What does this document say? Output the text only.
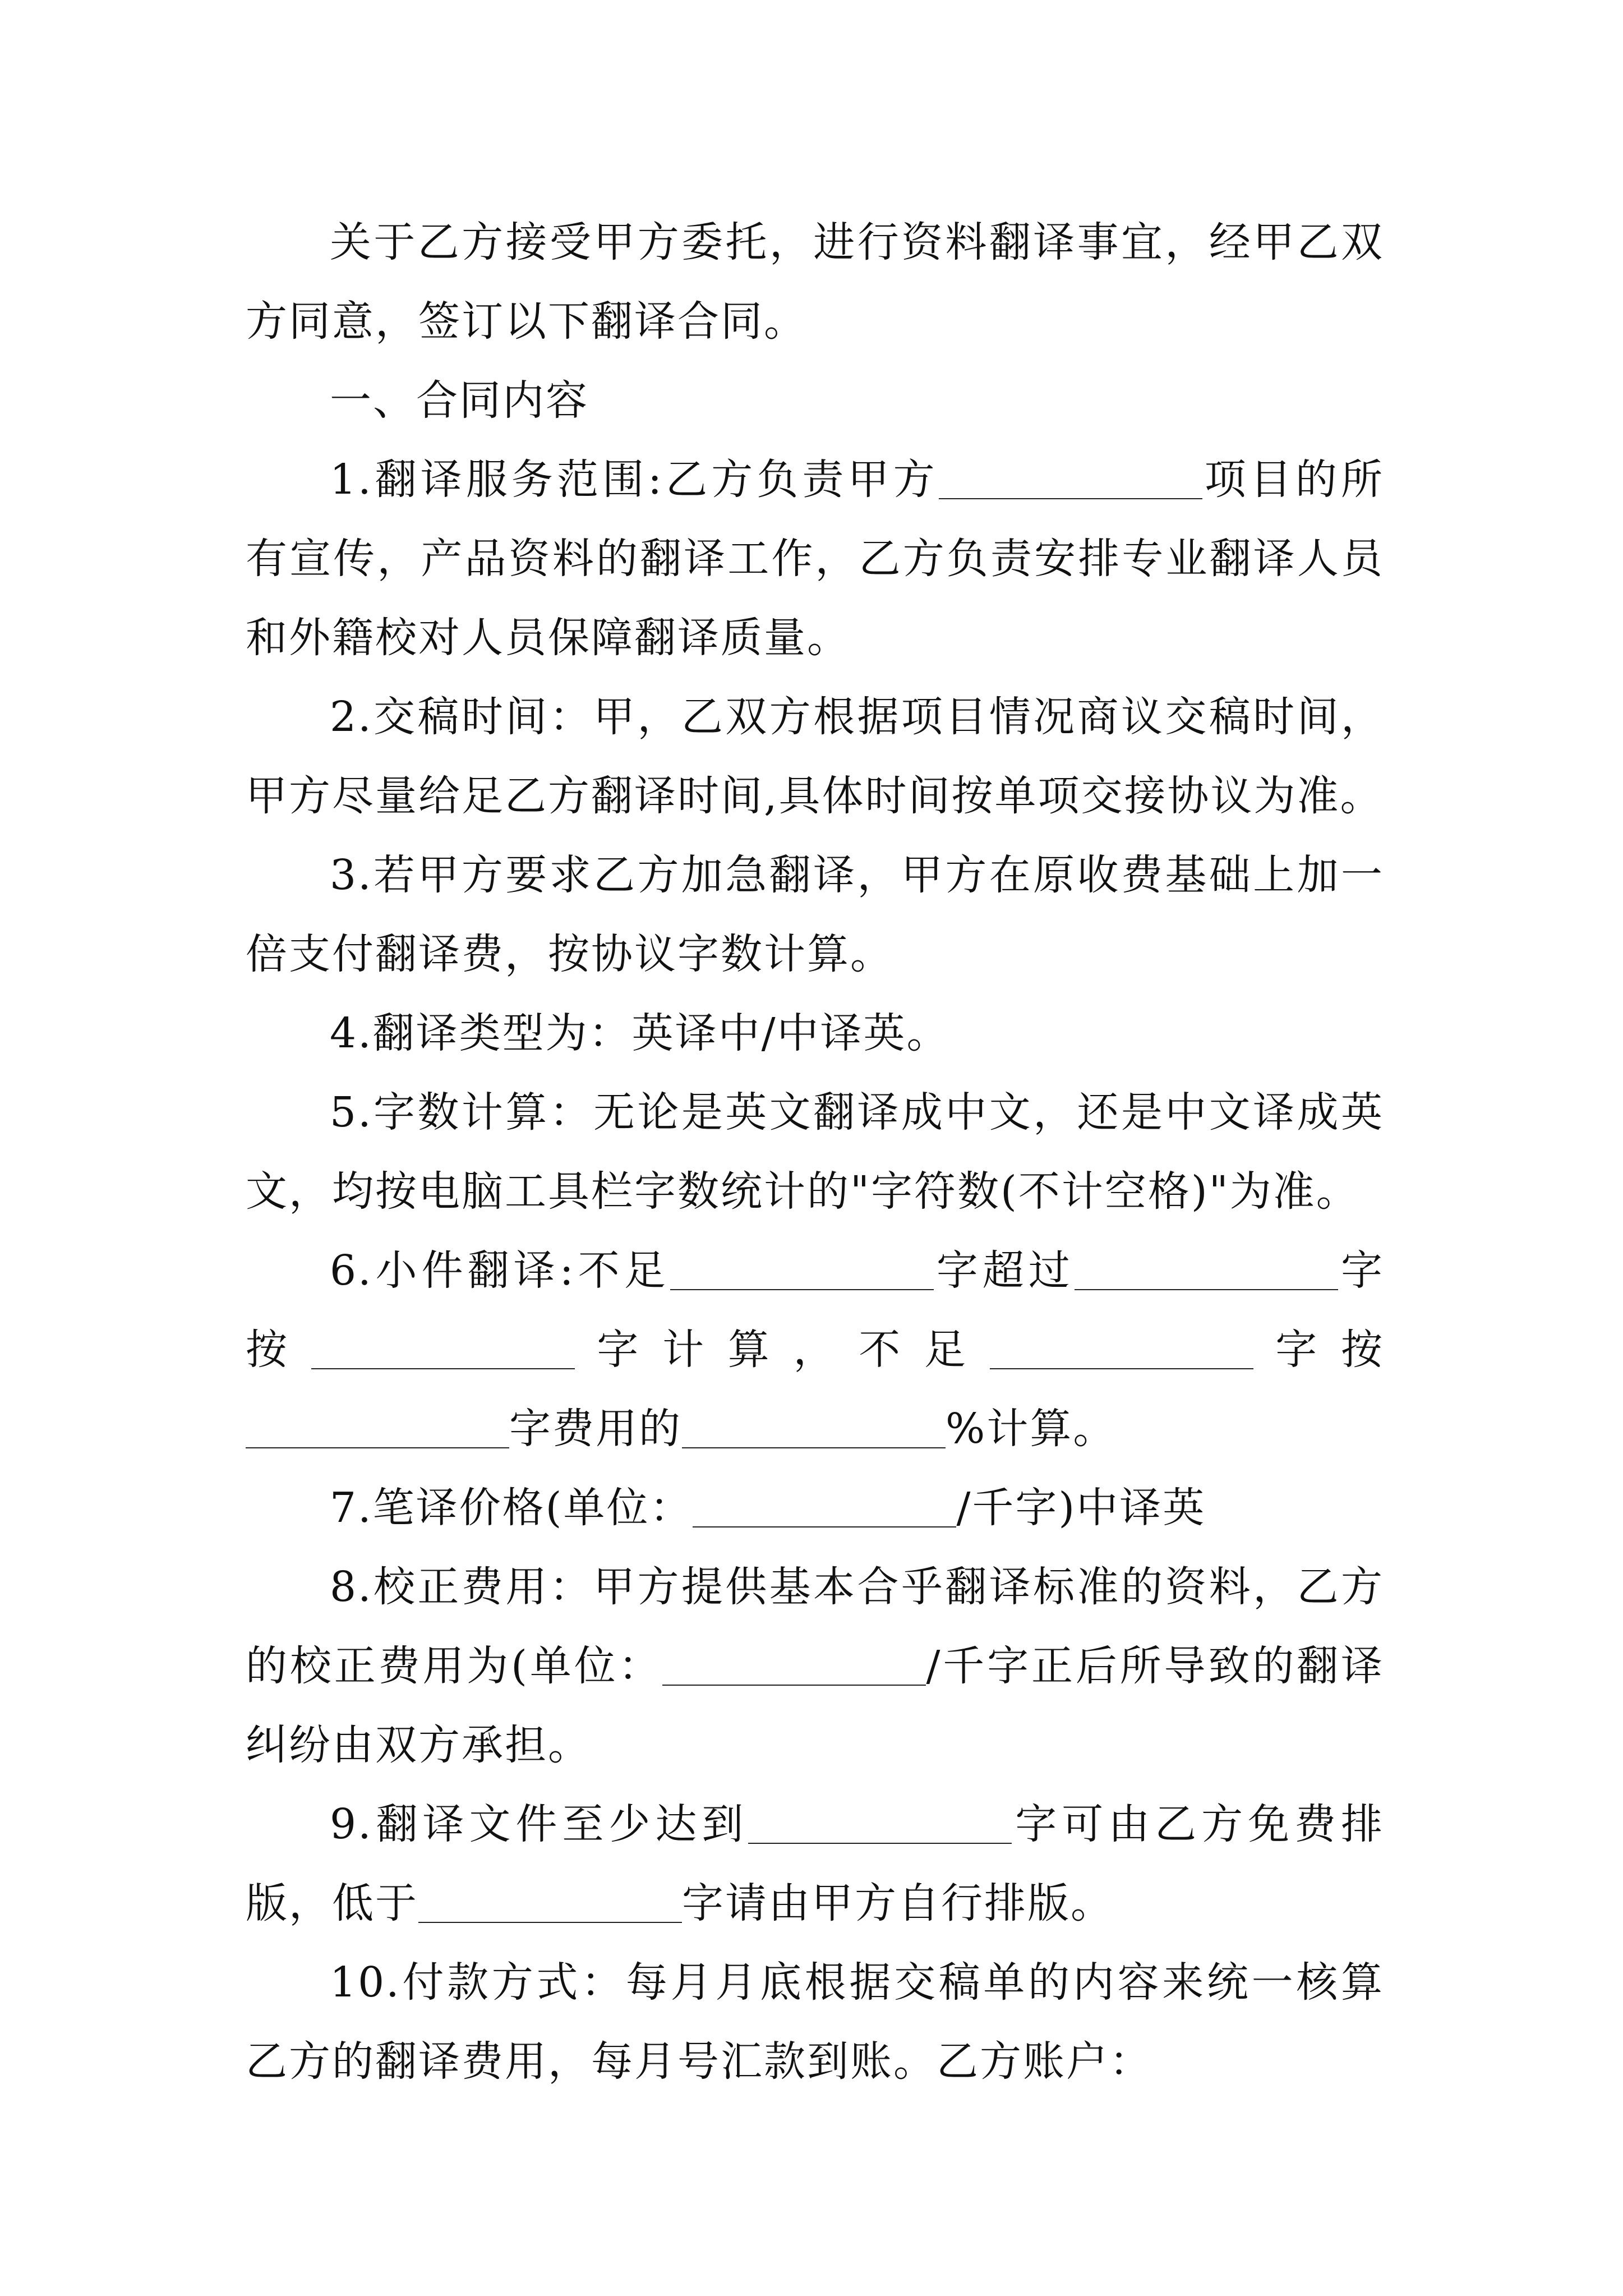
关于乙方接受甲方委托，进行资料翻译事宜，经甲乙双方同意，签订以下翻译合同。

一、合同内容

1.翻译服务范围:乙方负责甲方	项目的所有宣传，产品资料的翻译工作，乙方负责安排专业翻译人员和外籍校对人员保障翻译质量。

2.交稿时间：甲，乙双方根据项目情况商议交稿时间，甲方尽量给足乙方翻译时间,具体时间按单项交接协议为准。

3.若甲方要求乙方加急翻译，甲方在原收费基础上加一倍支付翻译费，按协议字数计算。

4.翻译类型为：英译中/中译英。

5.字数计算：无论是英文翻译成中文，还是中文译成英文，均按电脑工具栏字数统计的"字符数(不计空格)"为准。

6.小件翻译:不足	字超过	字按	字计算，不足	字按字费用的	%计算。

7.笔译价格(单位：	/千字)中译英

8.校正费用：甲方提供基本合乎翻译标准的资料，乙方的校正费用为(单位：	/千字正后所导致的翻译纠纷由双方承担。

9.翻译文件至少达到	字可由乙方免费排版，低于	字请由甲方自行排版。

10.付款方式：每月月底根据交稿单的内容来统一核算乙方的翻译费用，每月号汇款到账。乙方账户：
